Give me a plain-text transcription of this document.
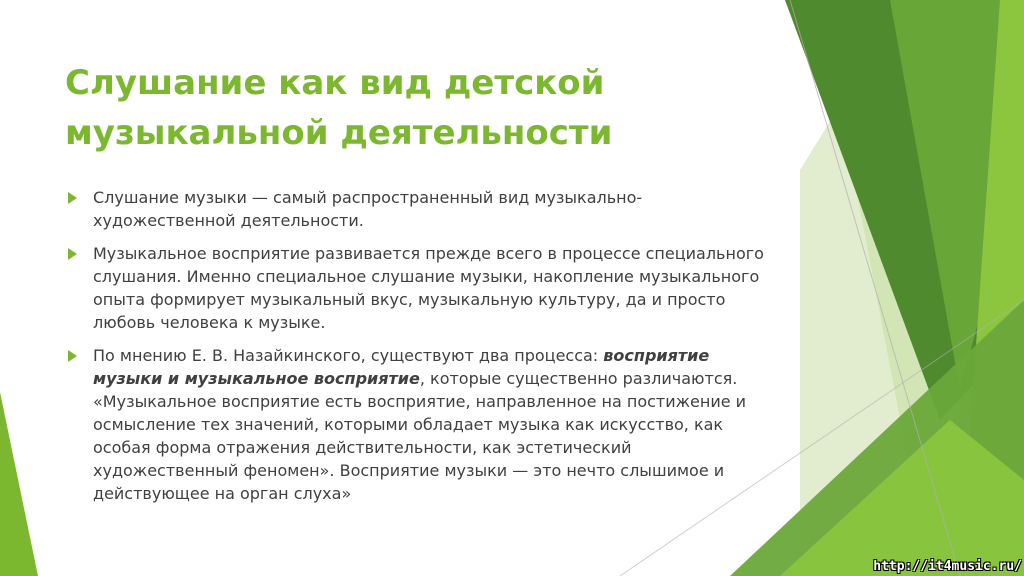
Слушание как вид детской
музыкальной деятельности
Слушание музыки — самый распространенный вид музыкально-художественной деятельности.
Музыкальное восприятие развивается прежде всего в процессе специального слушания. Именно специальное слушание музыки, накопление музыкального опыта формирует музыкальный вкус, музыкальную культуру, да и просто любовь человека к музыке.
По мнению Е. В. Назайкинского, существуют два процесса: восприятие музыки и музыкальное восприятие, которые существенно различаются. «Музыкальное восприятие есть восприятие, направленное на постижение и осмысление тех значений, которыми обладает музыка как искусство, как особая форма отражения действительности, как эстетический художественный феномен». Восприятие музыки — это нечто слышимое и действующее на орган слуха»
http://it4music.ru/
